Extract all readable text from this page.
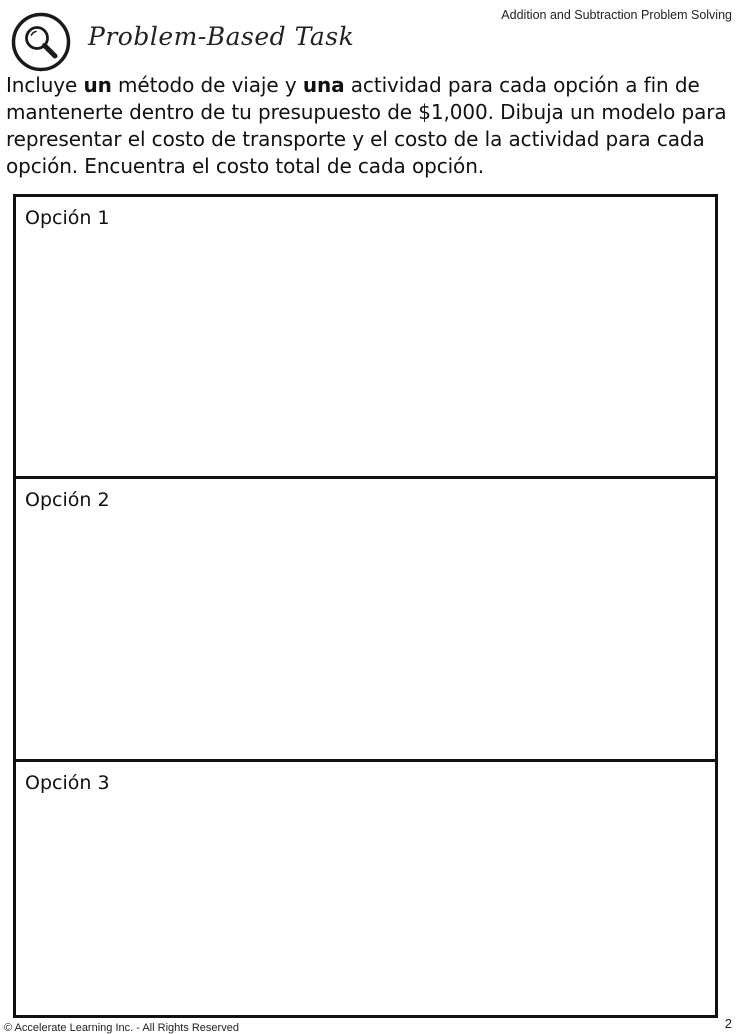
Addition and Subtraction Problem Solving
Problem-Based Task
Incluye un método de viaje y una actividad para cada opción a fin de mantenerte dentro de tu presupuesto de $1,000. Dibuja un modelo para representar el costo de transporte y el costo de la actividad para cada opción. Encuentra el costo total de cada opción.
Opción 1
Opción 2
Opción 3
© Accelerate Learning Inc. - All Rights Reserved	2
